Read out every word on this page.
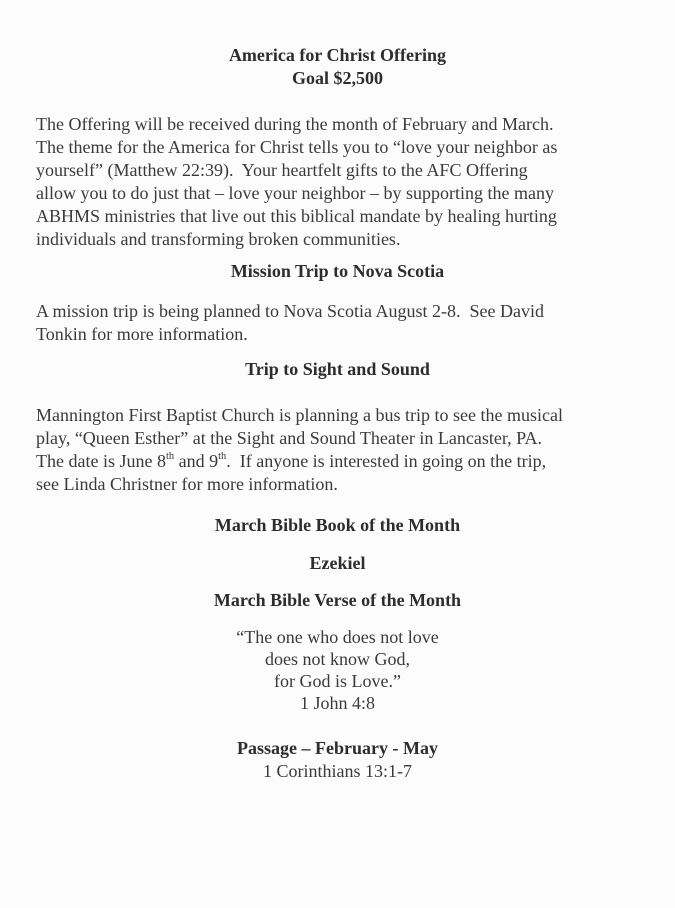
America for Christ Offering
Goal $2,500
The Offering will be received during the month of February and March.
The theme for the America for Christ tells you to “love your neighbor as
yourself” (Matthew 22:39).  Your heartfelt gifts to the AFC Offering
allow you to do just that – love your neighbor – by supporting the many
ABHMS ministries that live out this biblical mandate by healing hurting
individuals and transforming broken communities.
Mission Trip to Nova Scotia
A mission trip is being planned to Nova Scotia August 2-8.  See David
Tonkin for more information.
Trip to Sight and Sound
Mannington First Baptist Church is planning a bus trip to see the musical
play, “Queen Esther” at the Sight and Sound Theater in Lancaster, PA.
The date is June 8th and 9th.  If anyone is interested in going on the trip,
see Linda Christner for more information.
March Bible Book of the Month
Ezekiel
March Bible Verse of the Month
“The one who does not love
does not know God,
for God is Love.”
1 John 4:8
Passage – February - May
1 Corinthians 13:1-7
